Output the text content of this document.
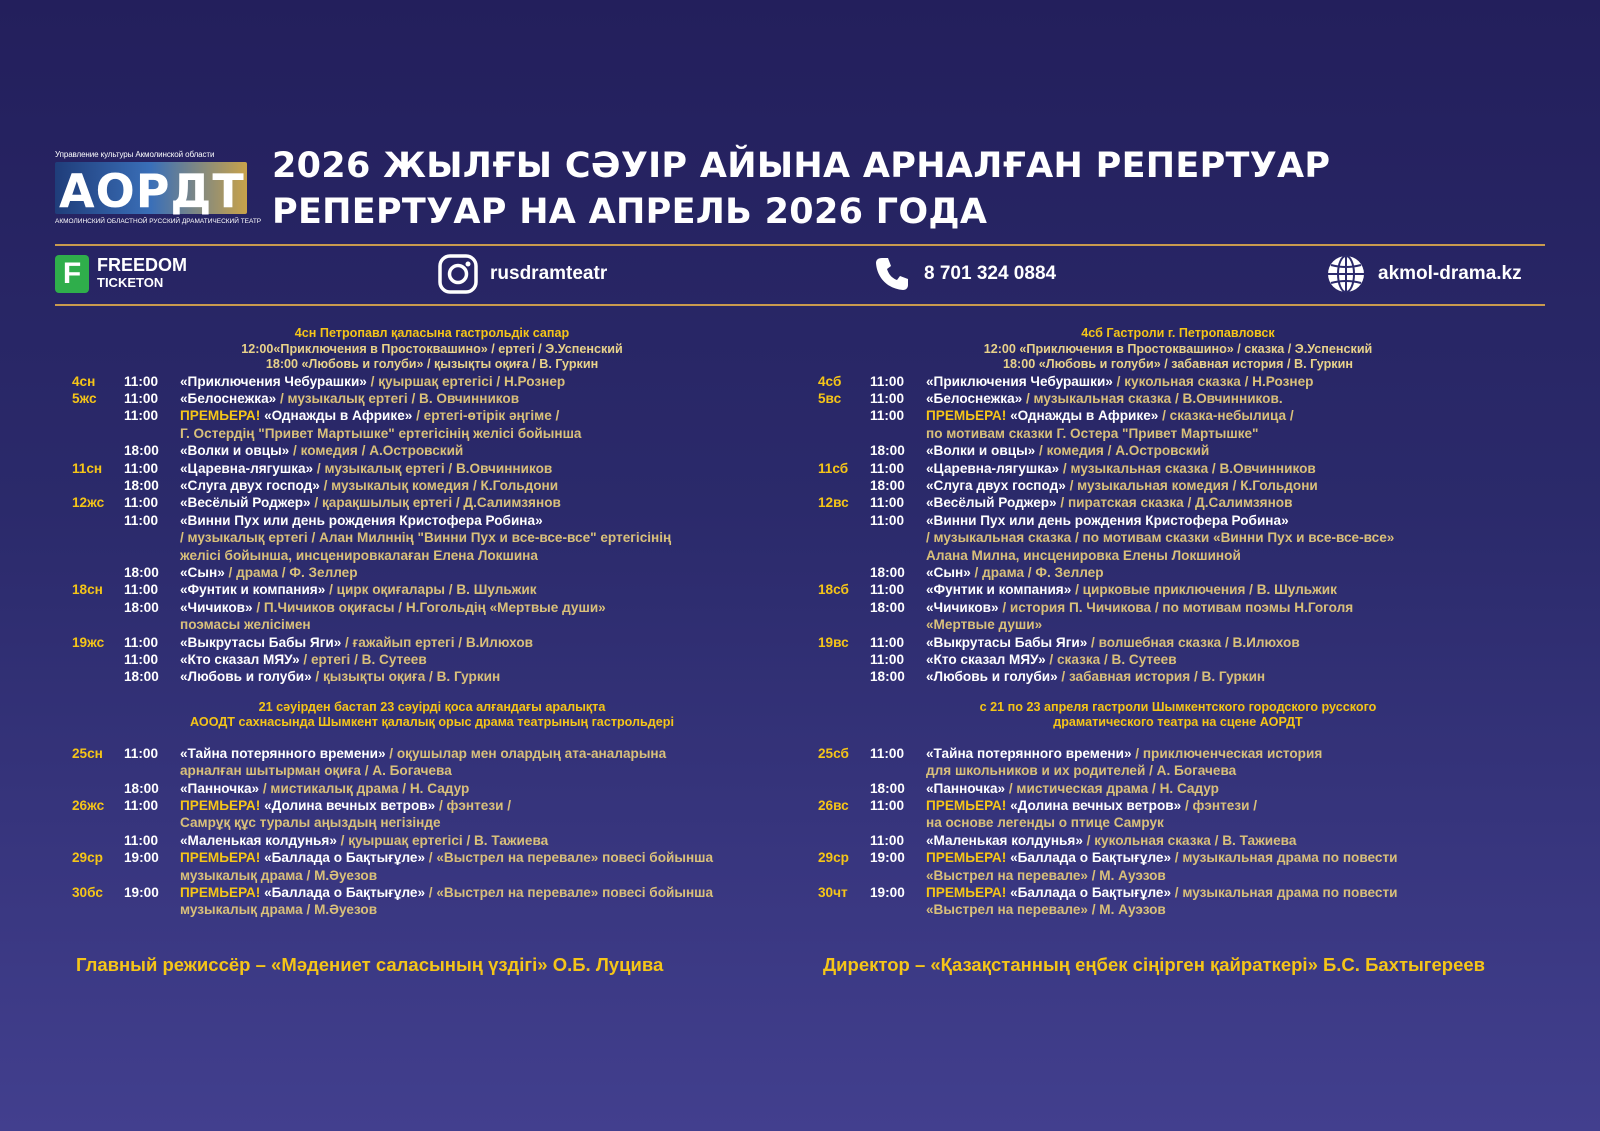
Управление культуры Акмолинской области
АОРДТ
АКМОЛИНСКИЙ ОБЛАСТНОЙ РУССКИЙ ДРАМАТИЧЕСКИЙ ТЕАТР
2026 ЖЫЛҒЫ СӘУІР АЙЫНА АРНАЛҒАН РЕПЕРТУАР
РЕПЕРТУАР НА АПРЕЛЬ 2026 ГОДА
F FREEDOM
TICKETON	rusdramteatr	8 701 324 0884	akmol-drama.kz
4сн Петропавл қаласына гастрольдік сапар
12:00«Приключения в Простоквашино» / ертегі / Э.Успенский
18:00 «Любовь и голуби» / қызықты оқиға / В. Гуркин
4сн	11:00	«Приключения Чебурашки» / қуыршақ ертегісі / Н.Рознер
5жс	11:00	«Белоснежка» / музыкалық ертегі / В. Овчинников
11:00	ПРЕМЬЕРА! «Однажды в Африке» / ертегі-өтірік әңгіме /
Г. Остердің "Привет Мартышке" ертегісінің желісі бойынша
18:00	«Волки и овцы» / комедия / А.Островский
11сн	11:00	«Царевна-лягушка» / музыкалық ертегі / В.Овчинников
18:00	«Слуга двух господ» / музыкалық комедия / К.Гольдони
12жс	11:00	«Весёлый Роджер» / қарақшылық ертегі / Д.Салимзянов
11:00	«Винни Пух или день рождения Кристофера Робина»
/ музыкалық ертегі / Алан Милннің "Винни Пух и все-все-все" ертегісінің
желісі бойынша, инсценировкалаған Елена Локшина
18:00	«Сын» / драма / Ф. Зеллер
18сн	11:00	«Фунтик и компания» / цирк оқиғалары / В. Шульжик
18:00	«Чичиков» / П.Чичиков оқиғасы / Н.Гогольдің «Мертвые души»
поэмасы желісімен
19жс	11:00	«Выкрутасы Бабы Яги» / ғажайып ертегі / В.Илюхов
11:00	«Кто сказал МЯУ» / ертегі / В. Сутеев
18:00	«Любовь и голуби» / қызықты оқиға / В. Гуркин
21 сәуірден бастап 23 сәуірді қоса алғандағы аралықта
АООДТ сахнасында Шымкент қалалық орыс драма театрының гастрольдері
25сн	11:00	«Тайна потерянного времени» / оқушылар мен олардың ата-аналарына
арналған шытырман оқиға / А. Богачева
18:00	«Панночка» / мистикалық драма / Н. Садур
26жс	11:00	ПРЕМЬЕРА! «Долина вечных ветров» / фэнтези /
Самрұқ құс туралы аңыздың негізінде
11:00	«Маленькая колдунья» / қуыршақ ертегісі / В. Тажиева
29ср	19:00	ПРЕМЬЕРА! «Баллада о Бақтығұле» / «Выстрел на перевале» повесі бойынша
музыкалық драма / М.Әуезов
30бс	19:00	ПРЕМЬЕРА! «Баллада о Бақтығұле» / «Выстрел на перевале» повесі бойынша
музыкалық драма / М.Әуезов
4сб Гастроли г. Петропавловск
12:00 «Приключения в Простоквашино» / сказка / Э.Успенский
18:00 «Любовь и голуби» / забавная история / В. Гуркин
4сб	11:00	«Приключения Чебурашки» / кукольная сказка / Н.Рознер
5вс	11:00	«Белоснежка» / музыкальная сказка / В.Овчинников.
11:00	ПРЕМЬЕРА! «Однажды в Африке» / сказка-небылица /
по мотивам сказки Г. Остера "Привет Мартышке"
18:00	«Волки и овцы» / комедия / А.Островский
11сб	11:00	«Царевна-лягушка» / музыкальная сказка / В.Овчинников
18:00	«Слуга двух господ» / музыкальная комедия / К.Гольдони
12вс	11:00	«Весёлый Роджер» / пиратская сказка / Д.Салимзянов
11:00	«Винни Пух или день рождения Кристофера Робина»
/ музыкальная сказка / по мотивам сказки «Винни Пух и все-все-все»
Алана Милна, инсценировка Елены Локшиной
18:00	«Сын» / драма / Ф. Зеллер
18сб	11:00	«Фунтик и компания» / цирковые приключения / В. Шульжик
18:00	«Чичиков» / история П. Чичикова / по мотивам поэмы Н.Гоголя
«Мертвые души»
19вс	11:00	«Выкрутасы Бабы Яги» / волшебная сказка / В.Илюхов
11:00	«Кто сказал МЯУ» / сказка / В. Сутеев
18:00	«Любовь и голуби» / забавная история / В. Гуркин
с 21 по 23 апреля гастроли Шымкентского городского русского
драматического театра на сцене АОРДТ
25сб	11:00	«Тайна потерянного времени» / приключенческая история
для школьников и их родителей / А. Богачева
18:00	«Панночка» / мистическая драма / Н. Садур
26вс	11:00	ПРЕМЬЕРА! «Долина вечных ветров» / фэнтези /
на основе легенды о птице Самрук
11:00	«Маленькая колдунья» / кукольная сказка / В. Тажиева
29ср	19:00	ПРЕМЬЕРА! «Баллада о Бақтығұле» / музыкальная драма по повести
«Выстрел на перевале» / М. Ауэзов
30чт	19:00	ПРЕМЬЕРА! «Баллада о Бақтығұле» / музыкальная драма по повести
«Выстрел на перевале» / М. Ауэзов
Главный режиссёр – «Мәдениет саласының үздігі» О.Б. Луцива	Директор – «Қазақстанның еңбек сіңірген қайраткері» Б.С. Бахтыгереев
